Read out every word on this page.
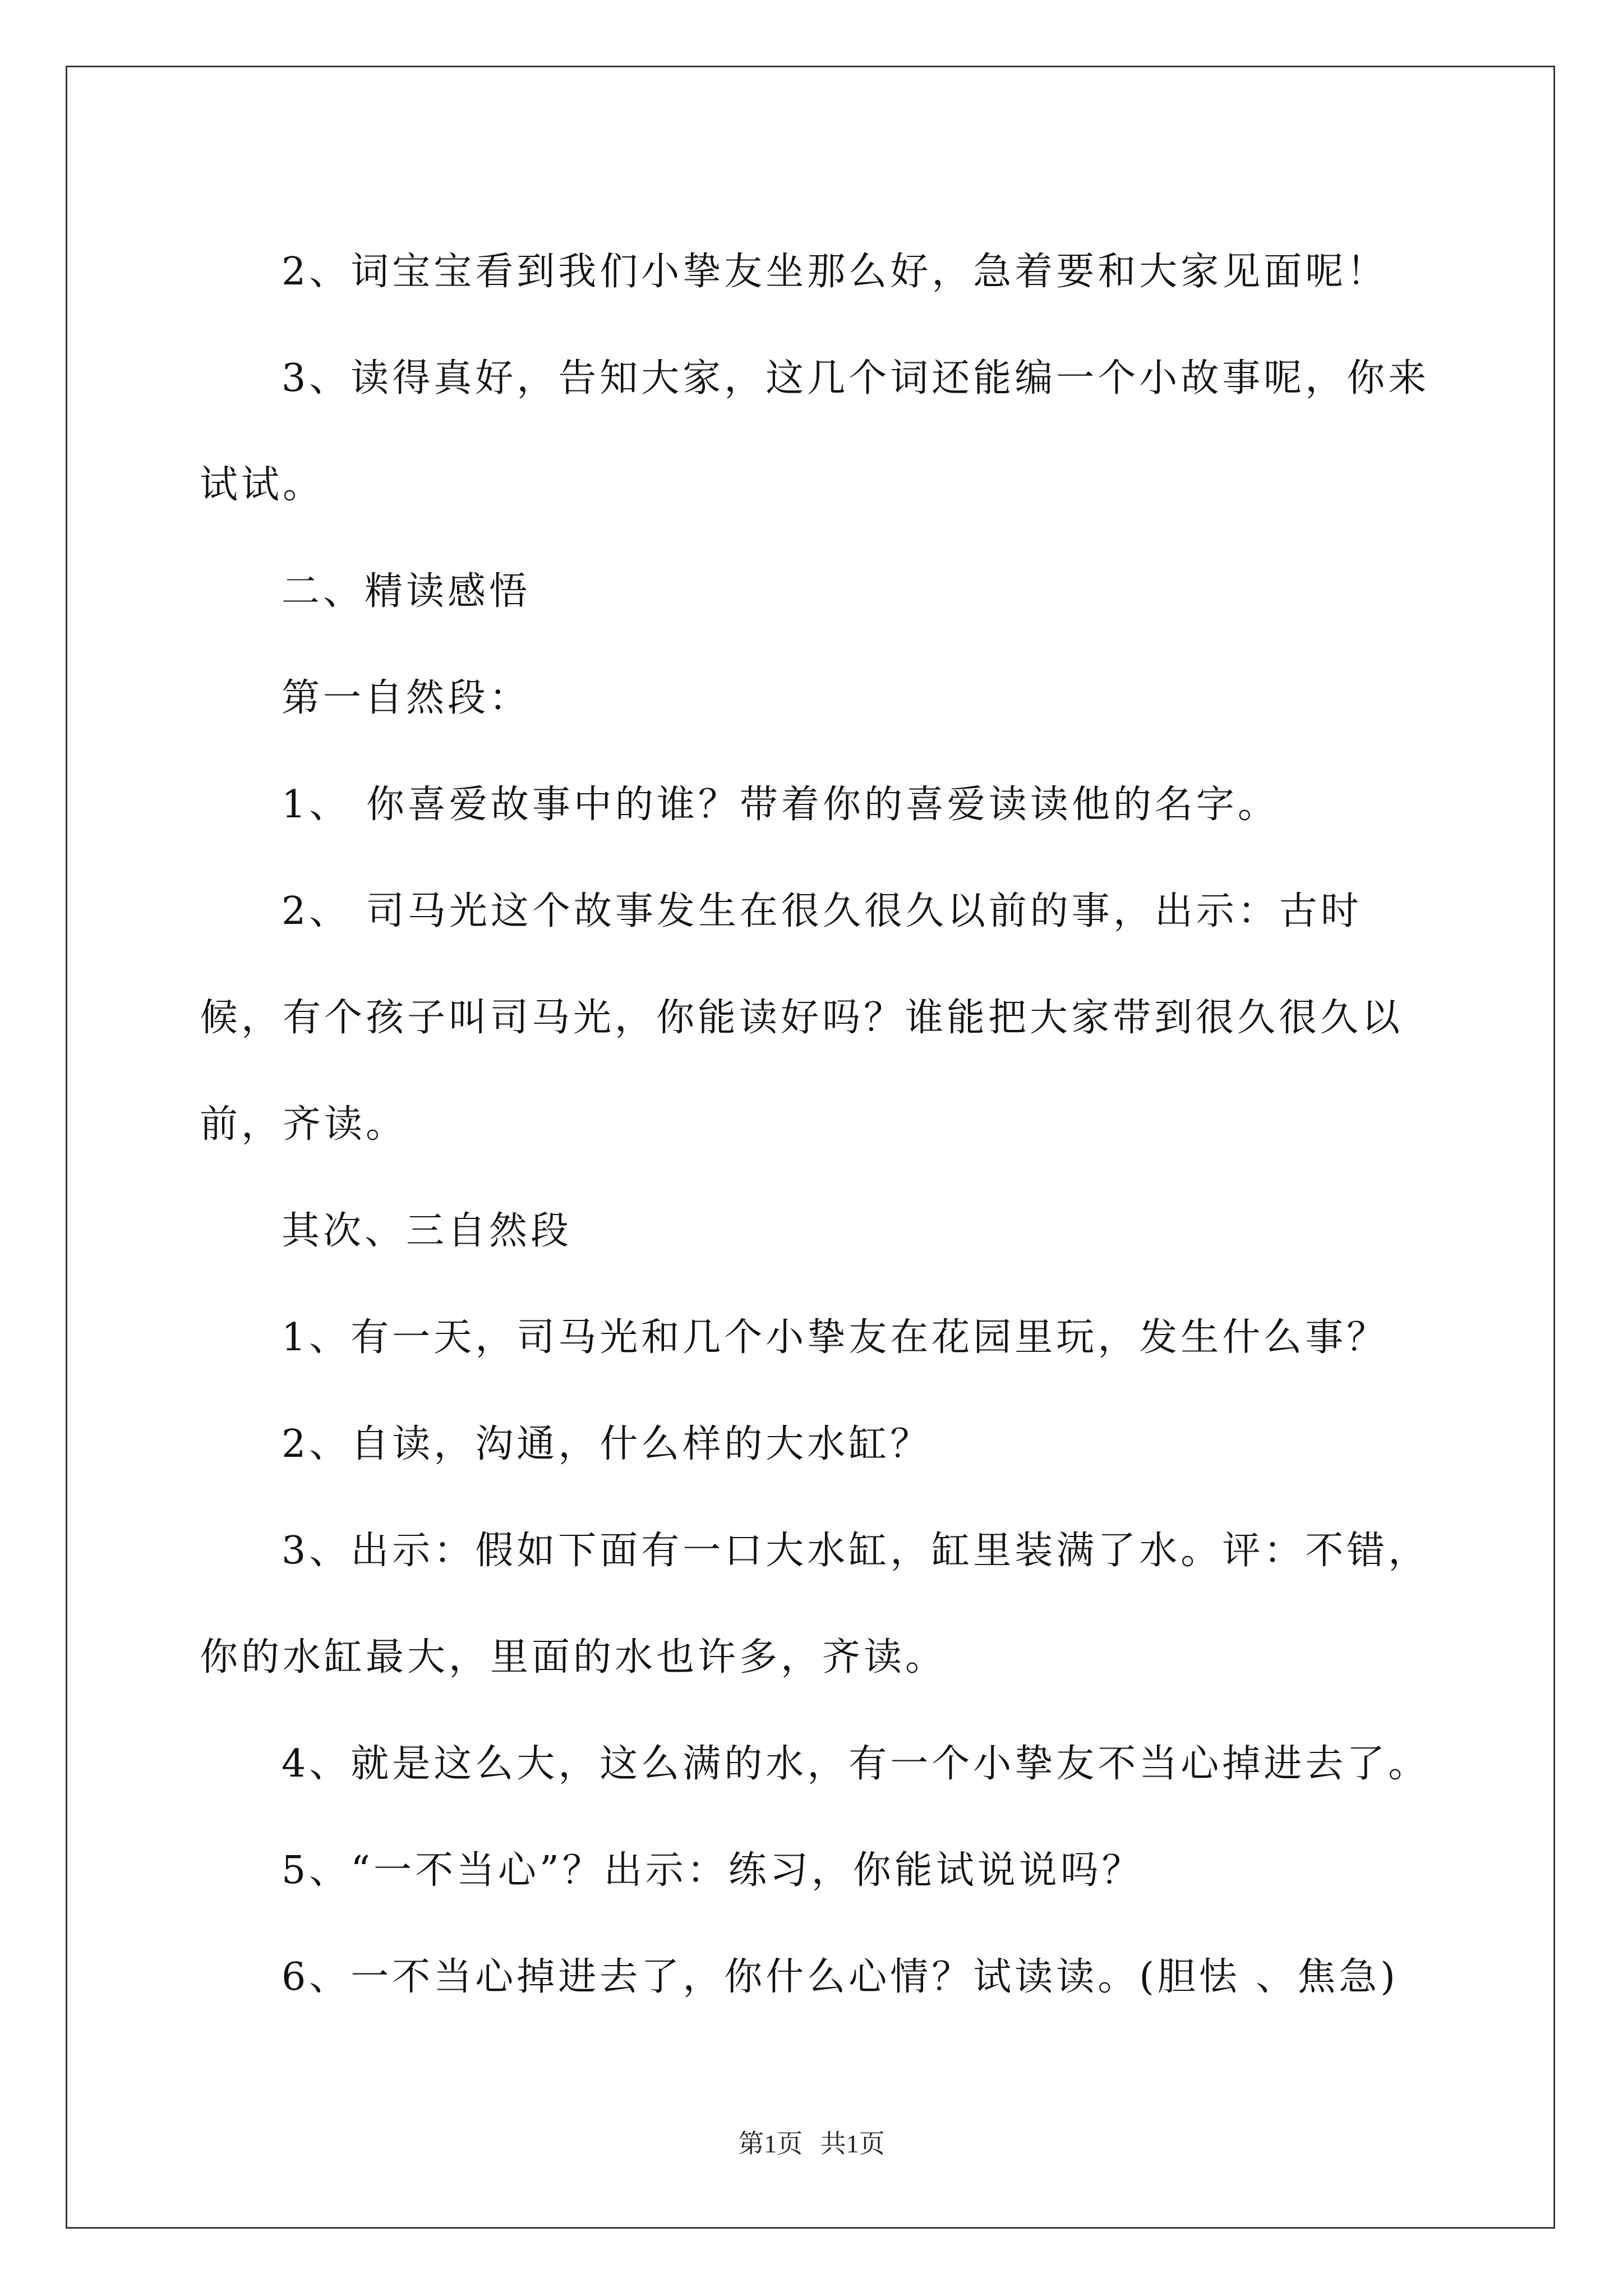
2、词宝宝看到我们小挚友坐那么好，急着要和大家见面呢！

3、读得真好，告知大家，这几个词还能编一个小故事呢，你来试试。

二、精读感悟

第一自然段：

1、 你喜爱故事中的谁？带着你的喜爱读读他的名字。

2、 司马光这个故事发生在很久很久以前的事，出示：古时候，有个孩子叫司马光，你能读好吗？谁能把大家带到很久很久以前，齐读。

其次、三自然段

1、有一天，司马光和几个小挚友在花园里玩，发生什么事？

2、自读，沟通，什么样的大水缸？

3、出示：假如下面有一口大水缸，缸里装满了水。评：不错，你的水缸最大，里面的水也许多，齐读。

4、就是这么大，这么满的水，有一个小挚友不当心掉进去了。

5、“一不当心”？出示：练习，你能试说说吗？

6、一不当心掉进去了，你什么心情？试读读。(胆怯 、焦急)

第1页 共1页
